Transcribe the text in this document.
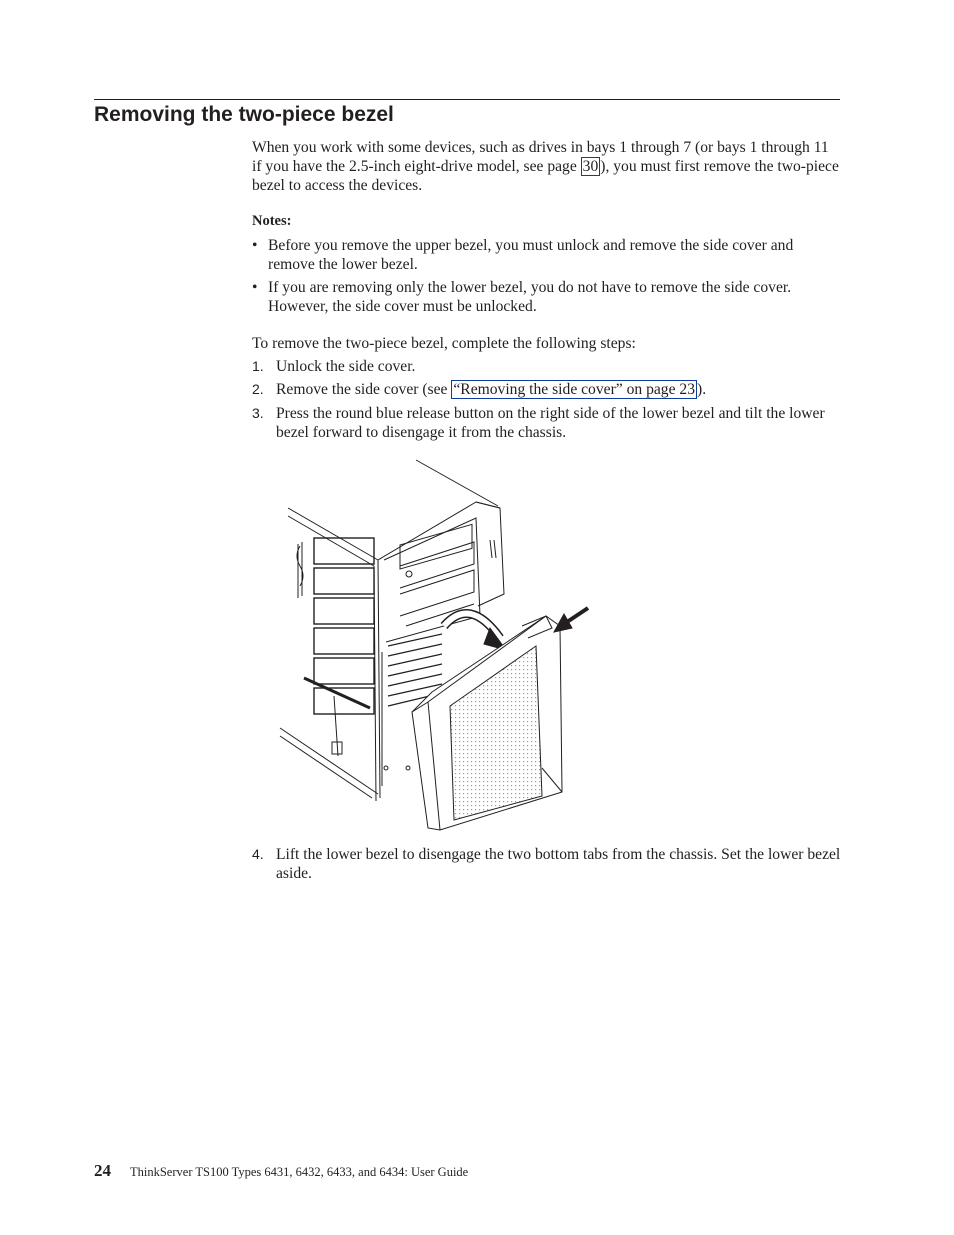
Removing the two-piece bezel
When you work with some devices, such as drives in bays 1 through 7 (or bays 1 through 11 if you have the 2.5-inch eight-drive model, see page 30 ), you must first remove the two-piece bezel to access the devices.
Notes:
• Before you remove the upper bezel, you must unlock and remove the side cover and remove the lower bezel.
• If you are removing only the lower bezel, you do not have to remove the side cover. However, the side cover must be unlocked.
To remove the two-piece bezel, complete the following steps:
1. Unlock the side cover.
2. Remove the side cover (see “Removing the side cover” on page 23 ).
3. Press the round blue release button on the right side of the lower bezel and tilt the lower bezel forward to disengage it from the chassis.
4. Lift the lower bezel to disengage the two bottom tabs from the chassis. Set the lower bezel aside.
24 ThinkServer TS100 Types 6431, 6432, 6433, and 6434: User Guide
